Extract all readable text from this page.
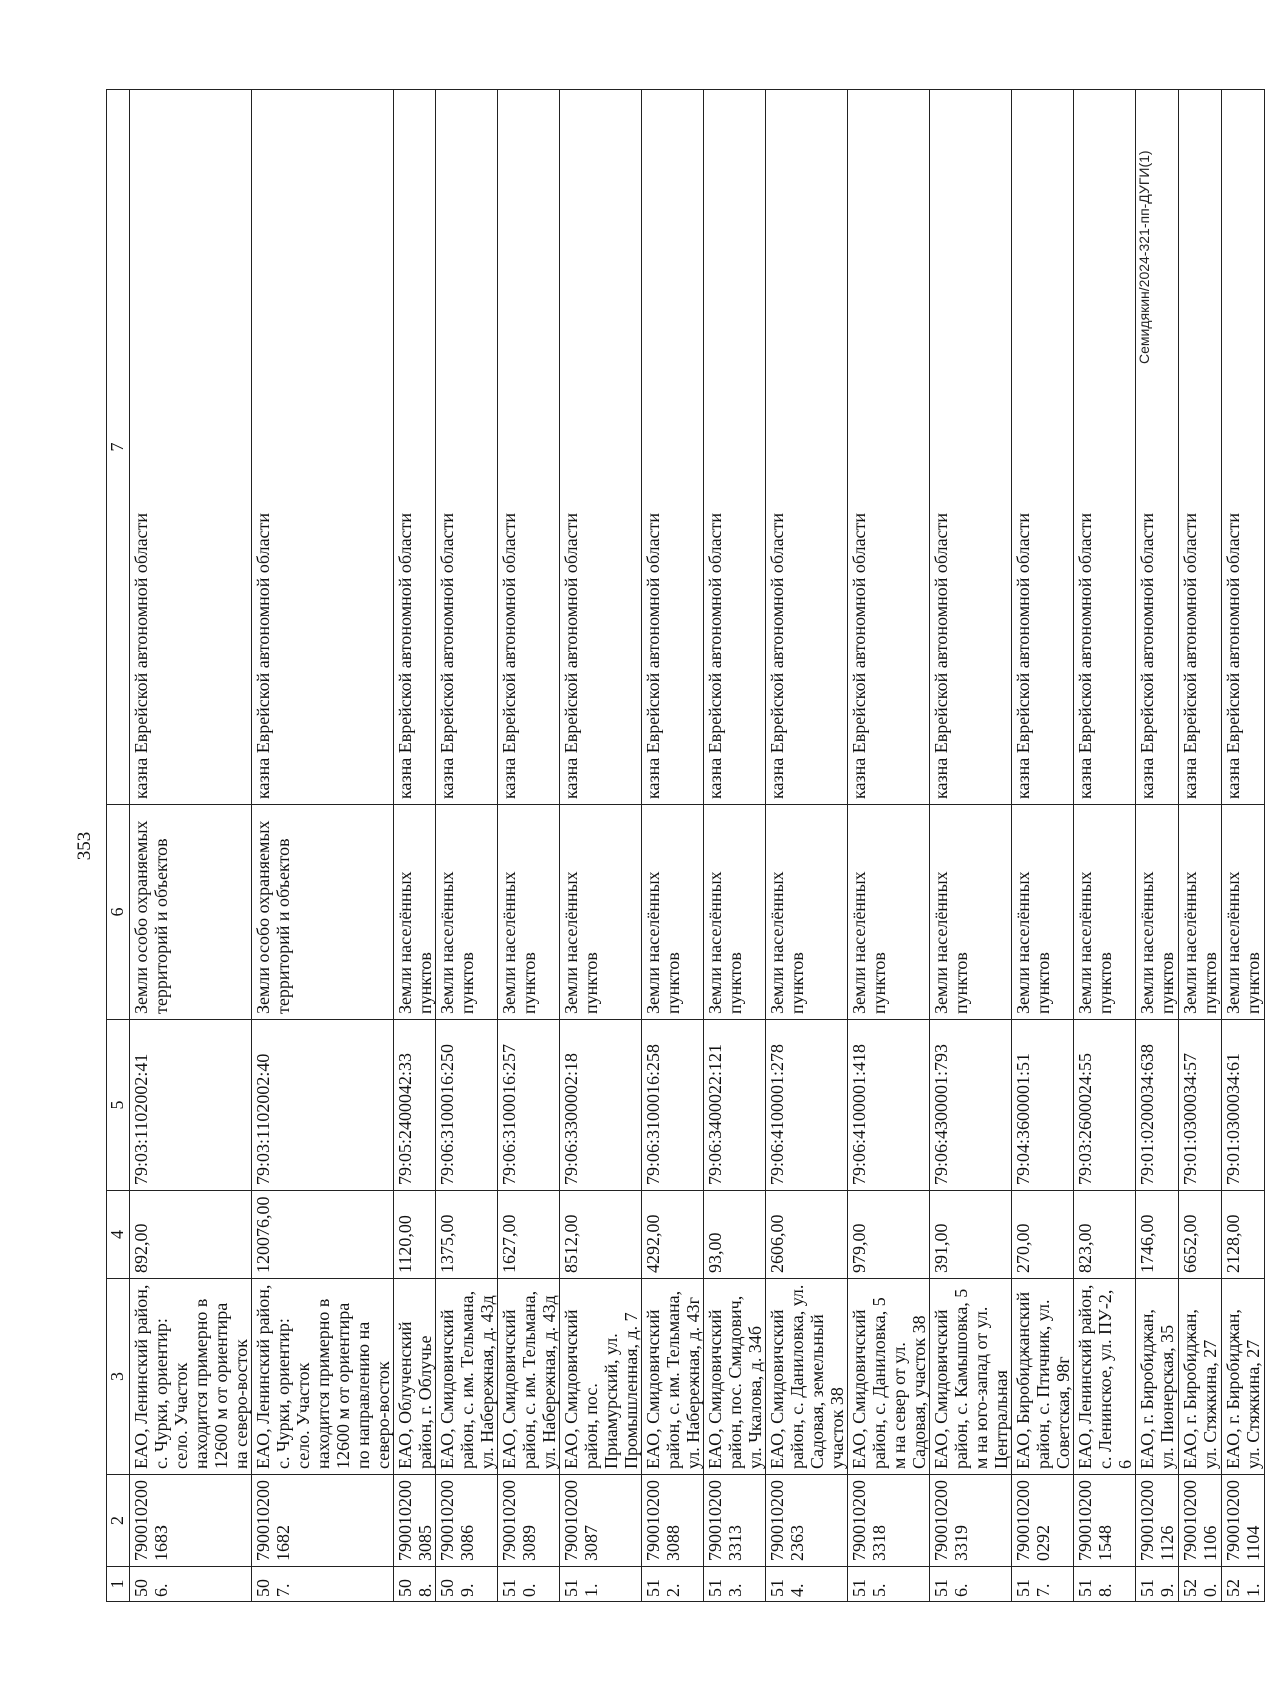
353
1	2	3	4	5	6	7
506.	790010200168З	ЕАО, Ленинский район, с. Чурки, ориентир: село. Участок находится примерно в 12600 м от ориентира на северо-восток	892,00	79:03:1102002:41	Земли особо охраняемых территорий и объектов	казна Еврейской автономной области
507.	7900102001682	ЕАО, Ленинский район, с. Чурки, ориентир: село. Участок находится примерно в 12600 м от ориентира по направлению на северо-восток	120076,00	79:03:1102002:40	Земли особо охраняемых территорий и объектов	казна Еврейской автономной области
508.	7900102003085	ЕАО, Облученский район, г. Облучье	1120,00	79:05:2400042:33	Земли населённых пунктов	казна Еврейской автономной области
509.	7900102003086	ЕАО, Смидовичский район, с. им. Тельмана, ул. Набережная, д. 43д	1375,00	79:06:3100016:250	Земли населённых пунктов	казна Еврейской автономной области
510.	7900102003089	ЕАО, Смидовичский район, с. им. Тельмана, ул. Набережная, д. 43д	1627,00	79:06:3100016:257	Земли населённых пунктов	казна Еврейской автономной области
511.	7900102003087	ЕАО, Смидовичский район, пос. Приамурский, ул. Промышленная, д. 7	8512,00	79:06:3300002:18	Земли населённых пунктов	казна Еврейской автономной области
512.	7900102003088	ЕАО, Смидовичский район, с. им. Тельмана, ул. Набережная, д. 43г	4292,00	79:06:3100016:258	Земли населённых пунктов	казна Еврейской автономной области
513.	7900102003313	ЕАО, Смидовичский район, пос. Смидович, ул. Чкалова, д. 34б	93,00	79:06:3400022:121	Земли населённых пунктов	казна Еврейской автономной области
514.	7900102002363	ЕАО, Смидовичский район, с. Даниловка, ул. Садовая, земельный участок 38	2606,00	79:06:4100001:278	Земли населённых пунктов	казна Еврейской автономной области
515.	7900102003318	ЕАО, Смидовичский район, с. Даниловка, 5 м на север от ул. Садовая, участок 38	979,00	79:06:4100001:418	Земли населённых пунктов	казна Еврейской автономной области
516.	7900102003319	ЕАО, Смидовичский район, с. Камышовка, 5 м на юго-запад от ул. Центральная	391,00	79:06:4300001:793	Земли населённых пунктов	казна Еврейской автономной области
517.	7900102000292	ЕАО, Биробиджанский район, с. Птичник, ул. Советская, 98г	270,00	79:04:3600001:51	Земли населённых пунктов	казна Еврейской автономной области
518.	7900102001548	ЕАО, Ленинский район, с. Ленинское, ул. ПУ-2, 6	823,00	79:03:2600024:55	Земли населённых пунктов	казна Еврейской автономной области
519.	7900102001126	ЕАО, г. Биробиджан, ул. Пионерская, 35	1746,00	79:01:0200034:638	Земли населённых пунктов	казна Еврейской автономной области
520.	7900102001106	ЕАО, г. Биробиджан, ул. Стяжкина, 27	6652,00	79:01:0300034:57	Земли населённых пунктов	казна Еврейской автономной области
521.	7900102001104	ЕАО, г. Биробиджан, ул. Стяжкина, 27	2128,00	79:01:0300034:61	Земли населённых пунктов	казна Еврейской автономной области
Семидякин/2024-321-пп-ДУГИ(1)
